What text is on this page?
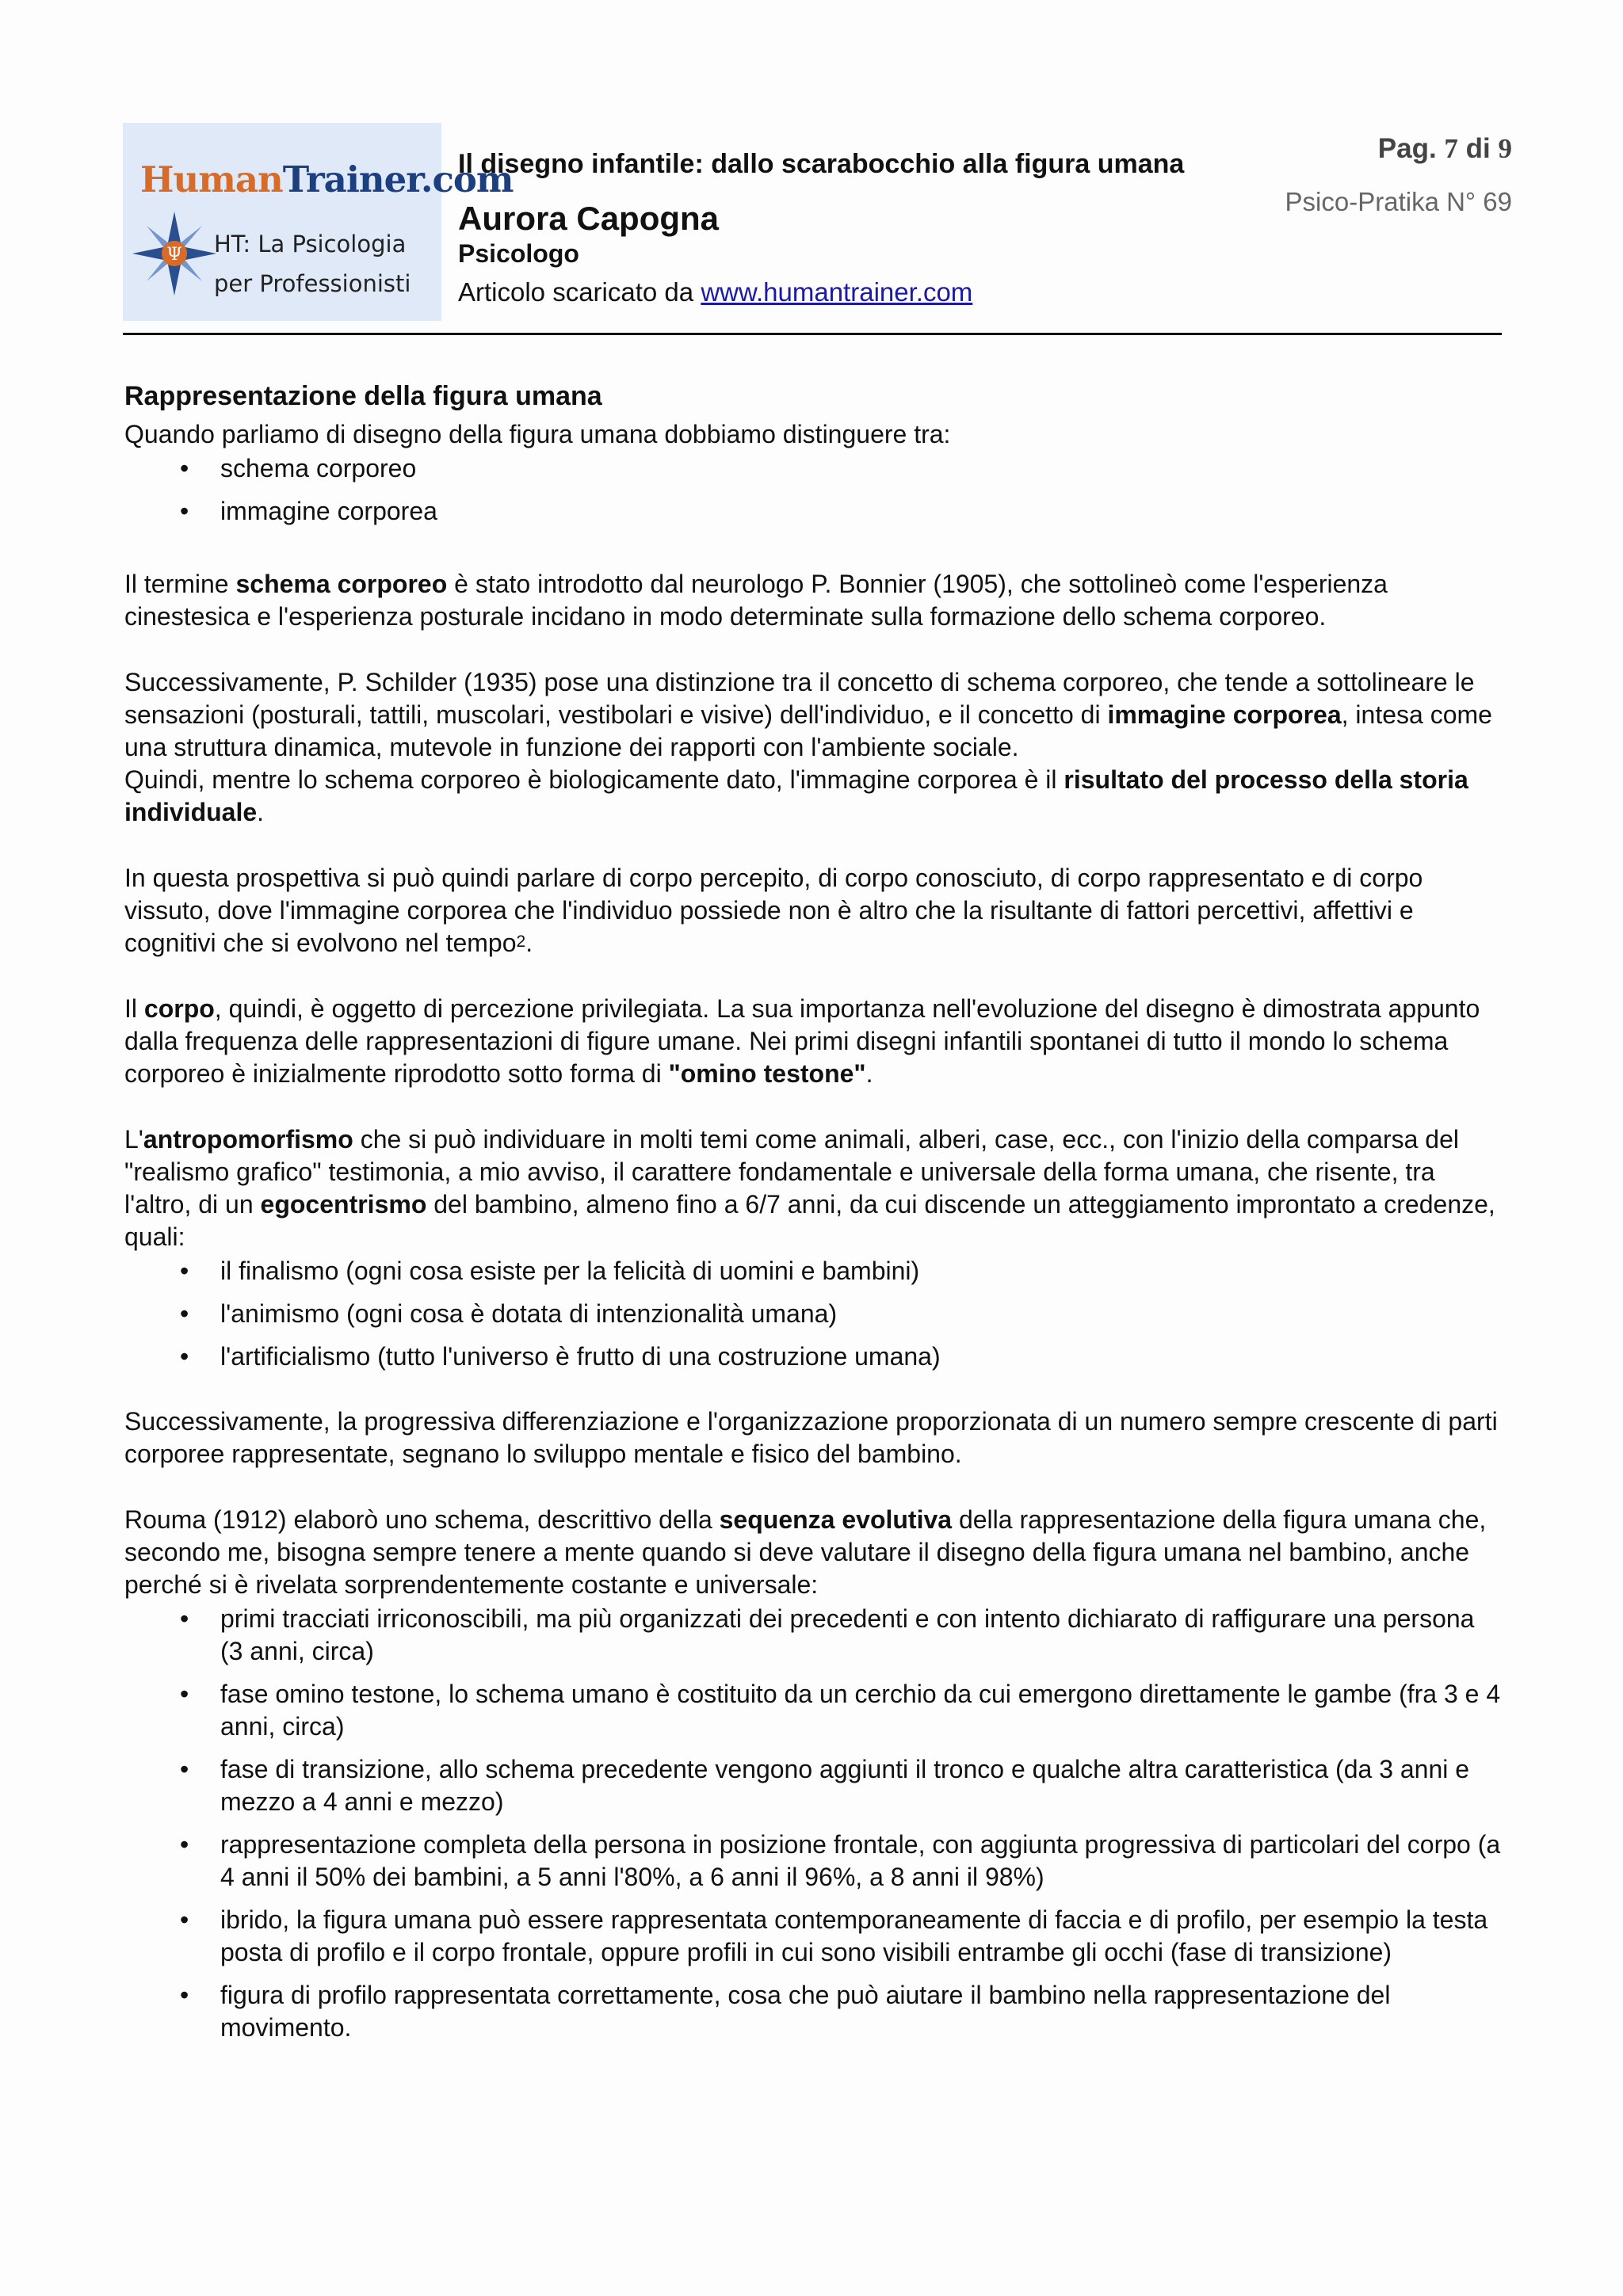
HumanTrainer.com
Ψ HT: La Psicologia
per Professionisti
Il disegno infantile: dallo scarabocchio alla figura umana
Aurora Capogna
Psicologo
Articolo scaricato da www.humantrainer.com
Pag. 7 di 9
Psico-Pratika N° 69
Rappresentazione della figura umana

Quando parliamo di disegno della figura umana dobbiamo distinguere tra:

• schema corporeo
• immagine corporea

Il termine schema corporeo è stato introdotto dal neurologo P. Bonnier (1905), che sottolineò come l'esperienza cinestesica e l'esperienza posturale incidano in modo determinate sulla formazione dello schema corporeo.

Successivamente, P. Schilder (1935) pose una distinzione tra il concetto di schema corporeo, che tende a sottolineare le sensazioni (posturali, tattili, muscolari, vestibolari e visive) dell'individuo, e il concetto di immagine corporea, intesa come una struttura dinamica, mutevole in funzione dei rapporti con l'ambiente sociale.
Quindi, mentre lo schema corporeo è biologicamente dato, l'immagine corporea è il risultato del processo della storia individuale.

In questa prospettiva si può quindi parlare di corpo percepito, di corpo conosciuto, di corpo rappresentato e di corpo vissuto, dove l'immagine corporea che l'individuo possiede non è altro che la risultante di fattori percettivi, affettivi e cognitivi che si evolvono nel tempo$^2$.

Il corpo, quindi, è oggetto di percezione privilegiata. La sua importanza nell'evoluzione del disegno è dimostrata appunto dalla frequenza delle rappresentazioni di figure umane. Nei primi disegni infantili spontanei di tutto il mondo lo schema corporeo è inizialmente riprodotto sotto forma di "omino testone".

L'antropomorfismo che si può individuare in molti temi come animali, alberi, case, ecc., con l'inizio della comparsa del "realismo grafico" testimonia, a mio avviso, il carattere fondamentale e universale della forma umana, che risente, tra l'altro, di un egocentrismo del bambino, almeno fino a 6/7 anni, da cui discende un atteggiamento improntato a credenze, quali:

• il finalismo (ogni cosa esiste per la felicità di uomini e bambini)
• l'animismo (ogni cosa è dotata di intenzionalità umana)
• l'artificialismo (tutto l'universo è frutto di una costruzione umana)

Successivamente, la progressiva differenziazione e l'organizzazione proporzionata di un numero sempre crescente di parti corporee rappresentate, segnano lo sviluppo mentale e fisico del bambino.

Rouma (1912) elaborò uno schema, descrittivo della sequenza evolutiva della rappresentazione della figura umana che, secondo me, bisogna sempre tenere a mente quando si deve valutare il disegno della figura umana nel bambino, anche perché si è rivelata sorprendentemente costante e universale:

• primi tracciati irriconoscibili, ma più organizzati dei precedenti e con intento dichiarato di raffigurare una persona (3 anni, circa)
• fase omino testone, lo schema umano è costituito da un cerchio da cui emergono direttamente le gambe (fra 3 e 4 anni, circa)
• fase di transizione, allo schema precedente vengono aggiunti il tronco e qualche altra caratteristica (da 3 anni e mezzo a 4 anni e mezzo)
• rappresentazione completa della persona in posizione frontale, con aggiunta progressiva di particolari del corpo (a 4 anni il 50% dei bambini, a 5 anni l'80%, a 6 anni il 96%, a 8 anni il 98%)
• ibrido, la figura umana può essere rappresentata contemporaneamente di faccia e di profilo, per esempio la testa posta di profilo e il corpo frontale, oppure profili in cui sono visibili entrambe gli occhi (fase di transizione)
• figura di profilo rappresentata correttamente, cosa che può aiutare il bambino nella rappresentazione del movimento.
